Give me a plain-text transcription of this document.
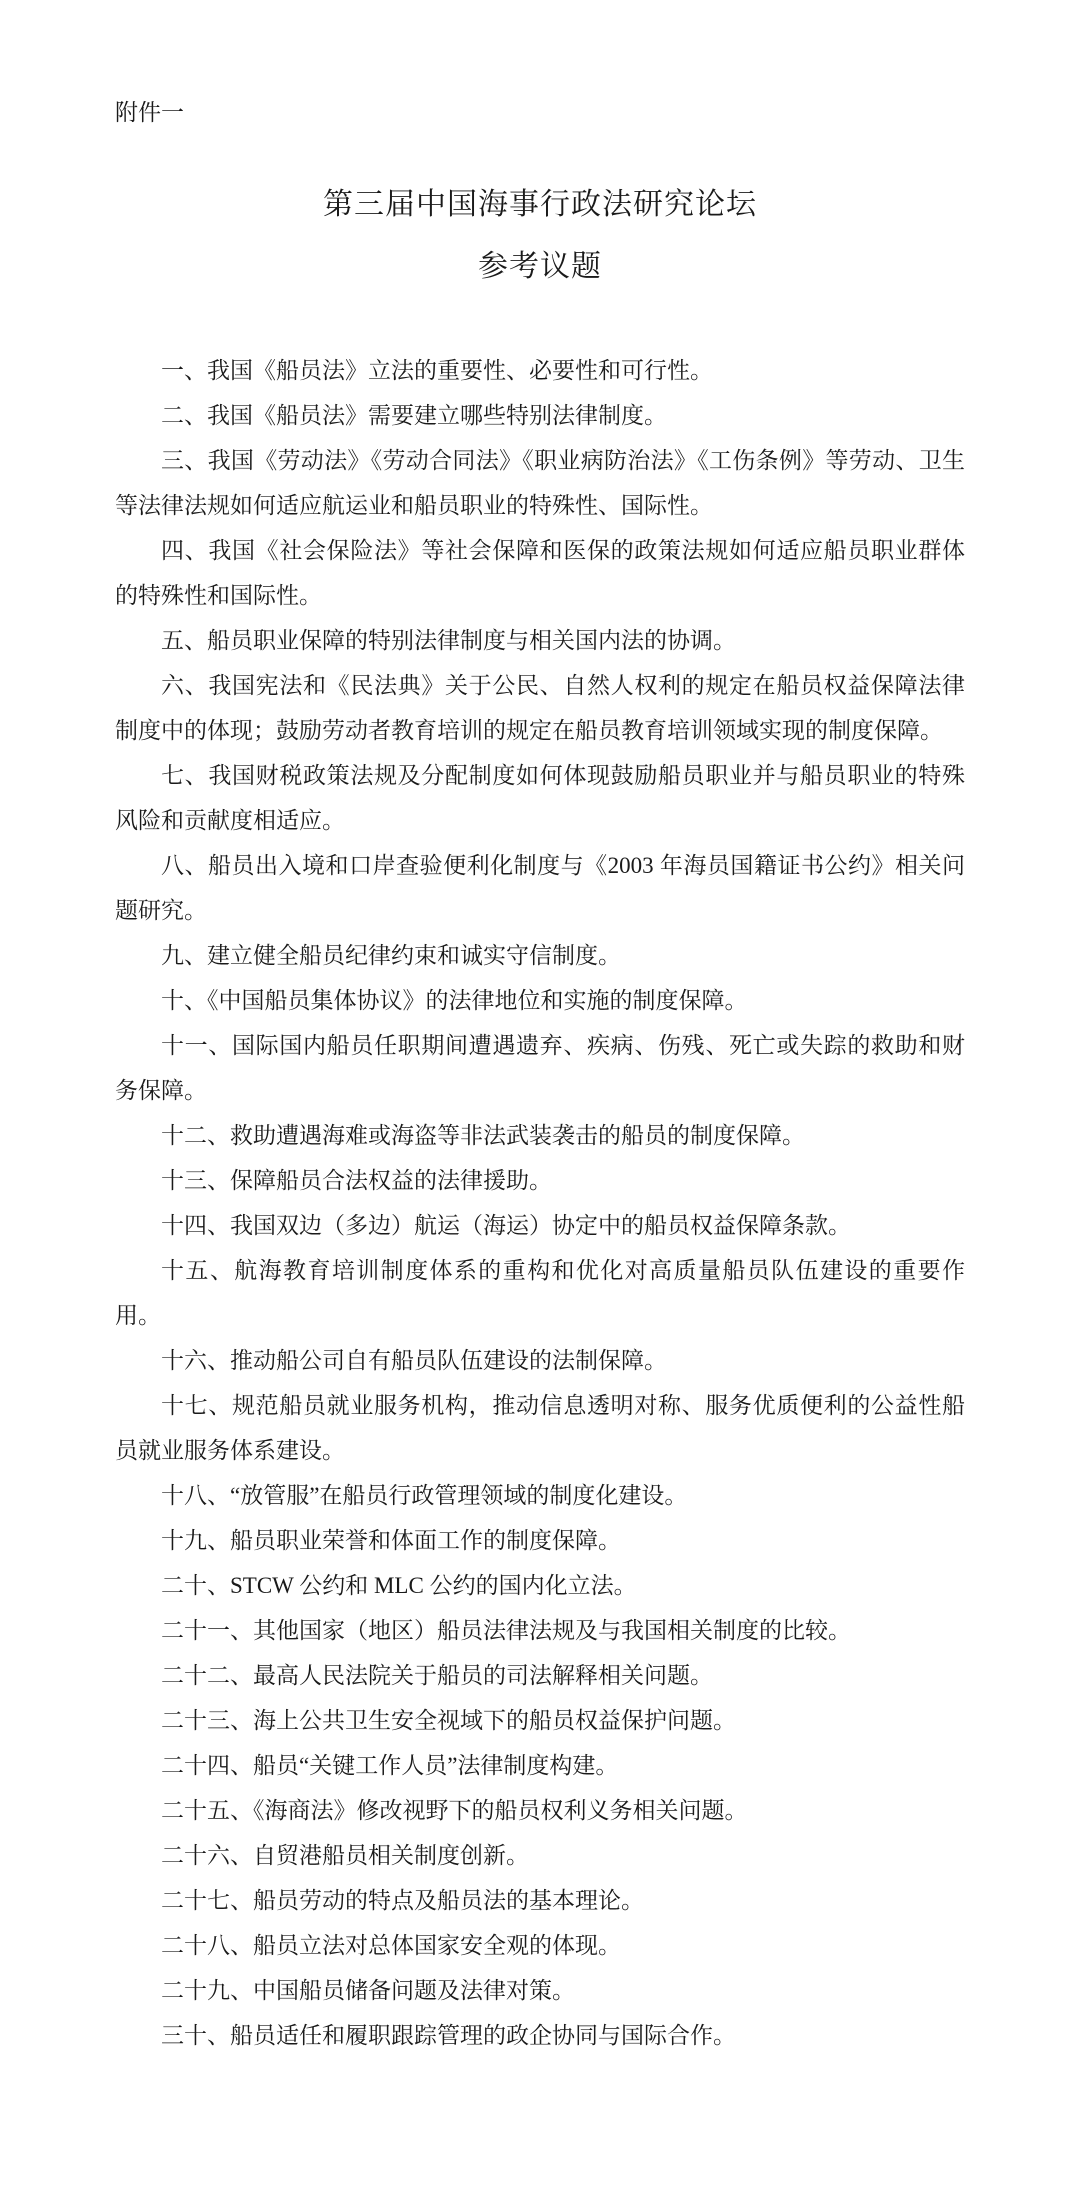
附件一
第三届中国海事行政法研究论坛
参考议题

一、我国《船员法》立法的重要性、必要性和可行性。

二、我国《船员法》需要建立哪些特别法律制度。

三、我国《劳动法》《劳动合同法》《职业病防治法》《工伤条例》等劳动、卫生等法律法规如何适应航运业和船员职业的特殊性、国际性。

四、我国《社会保险法》等社会保障和医保的政策法规如何适应船员职业群体的特殊性和国际性。

五、船员职业保障的特别法律制度与相关国内法的协调。

六、我国宪法和《民法典》关于公民、自然人权利的规定在船员权益保障法律制度中的体现；鼓励劳动者教育培训的规定在船员教育培训领域实现的制度保障。

七、我国财税政策法规及分配制度如何体现鼓励船员职业并与船员职业的特殊风险和贡献度相适应。

八、船员出入境和口岸查验便利化制度与《2003 年海员国籍证书公约》相关问题研究。

九、建立健全船员纪律约束和诚实守信制度。

十、《中国船员集体协议》的法律地位和实施的制度保障。

十一、国际国内船员任职期间遭遇遗弃、疾病、伤残、死亡或失踪的救助和财务保障。

十二、救助遭遇海难或海盗等非法武装袭击的船员的制度保障。

十三、保障船员合法权益的法律援助。

十四、我国双边（多边）航运（海运）协定中的船员权益保障条款。

十五、航海教育培训制度体系的重构和优化对高质量船员队伍建设的重要作用。

十六、推动船公司自有船员队伍建设的法制保障。

十七、规范船员就业服务机构，推动信息透明对称、服务优质便利的公益性船员就业服务体系建设。

十八、“放管服”在船员行政管理领域的制度化建设。

十九、船员职业荣誉和体面工作的制度保障。

二十、STCW 公约和 MLC 公约的国内化立法。

二十一、其他国家（地区）船员法律法规及与我国相关制度的比较。

二十二、最高人民法院关于船员的司法解释相关问题。

二十三、海上公共卫生安全视域下的船员权益保护问题。

二十四、船员“关键工作人员”法律制度构建。

二十五、《海商法》修改视野下的船员权利义务相关问题。

二十六、自贸港船员相关制度创新。

二十七、船员劳动的特点及船员法的基本理论。

二十八、船员立法对总体国家安全观的体现。

二十九、中国船员储备问题及法律对策。

三十、船员适任和履职跟踪管理的政企协同与国际合作。
